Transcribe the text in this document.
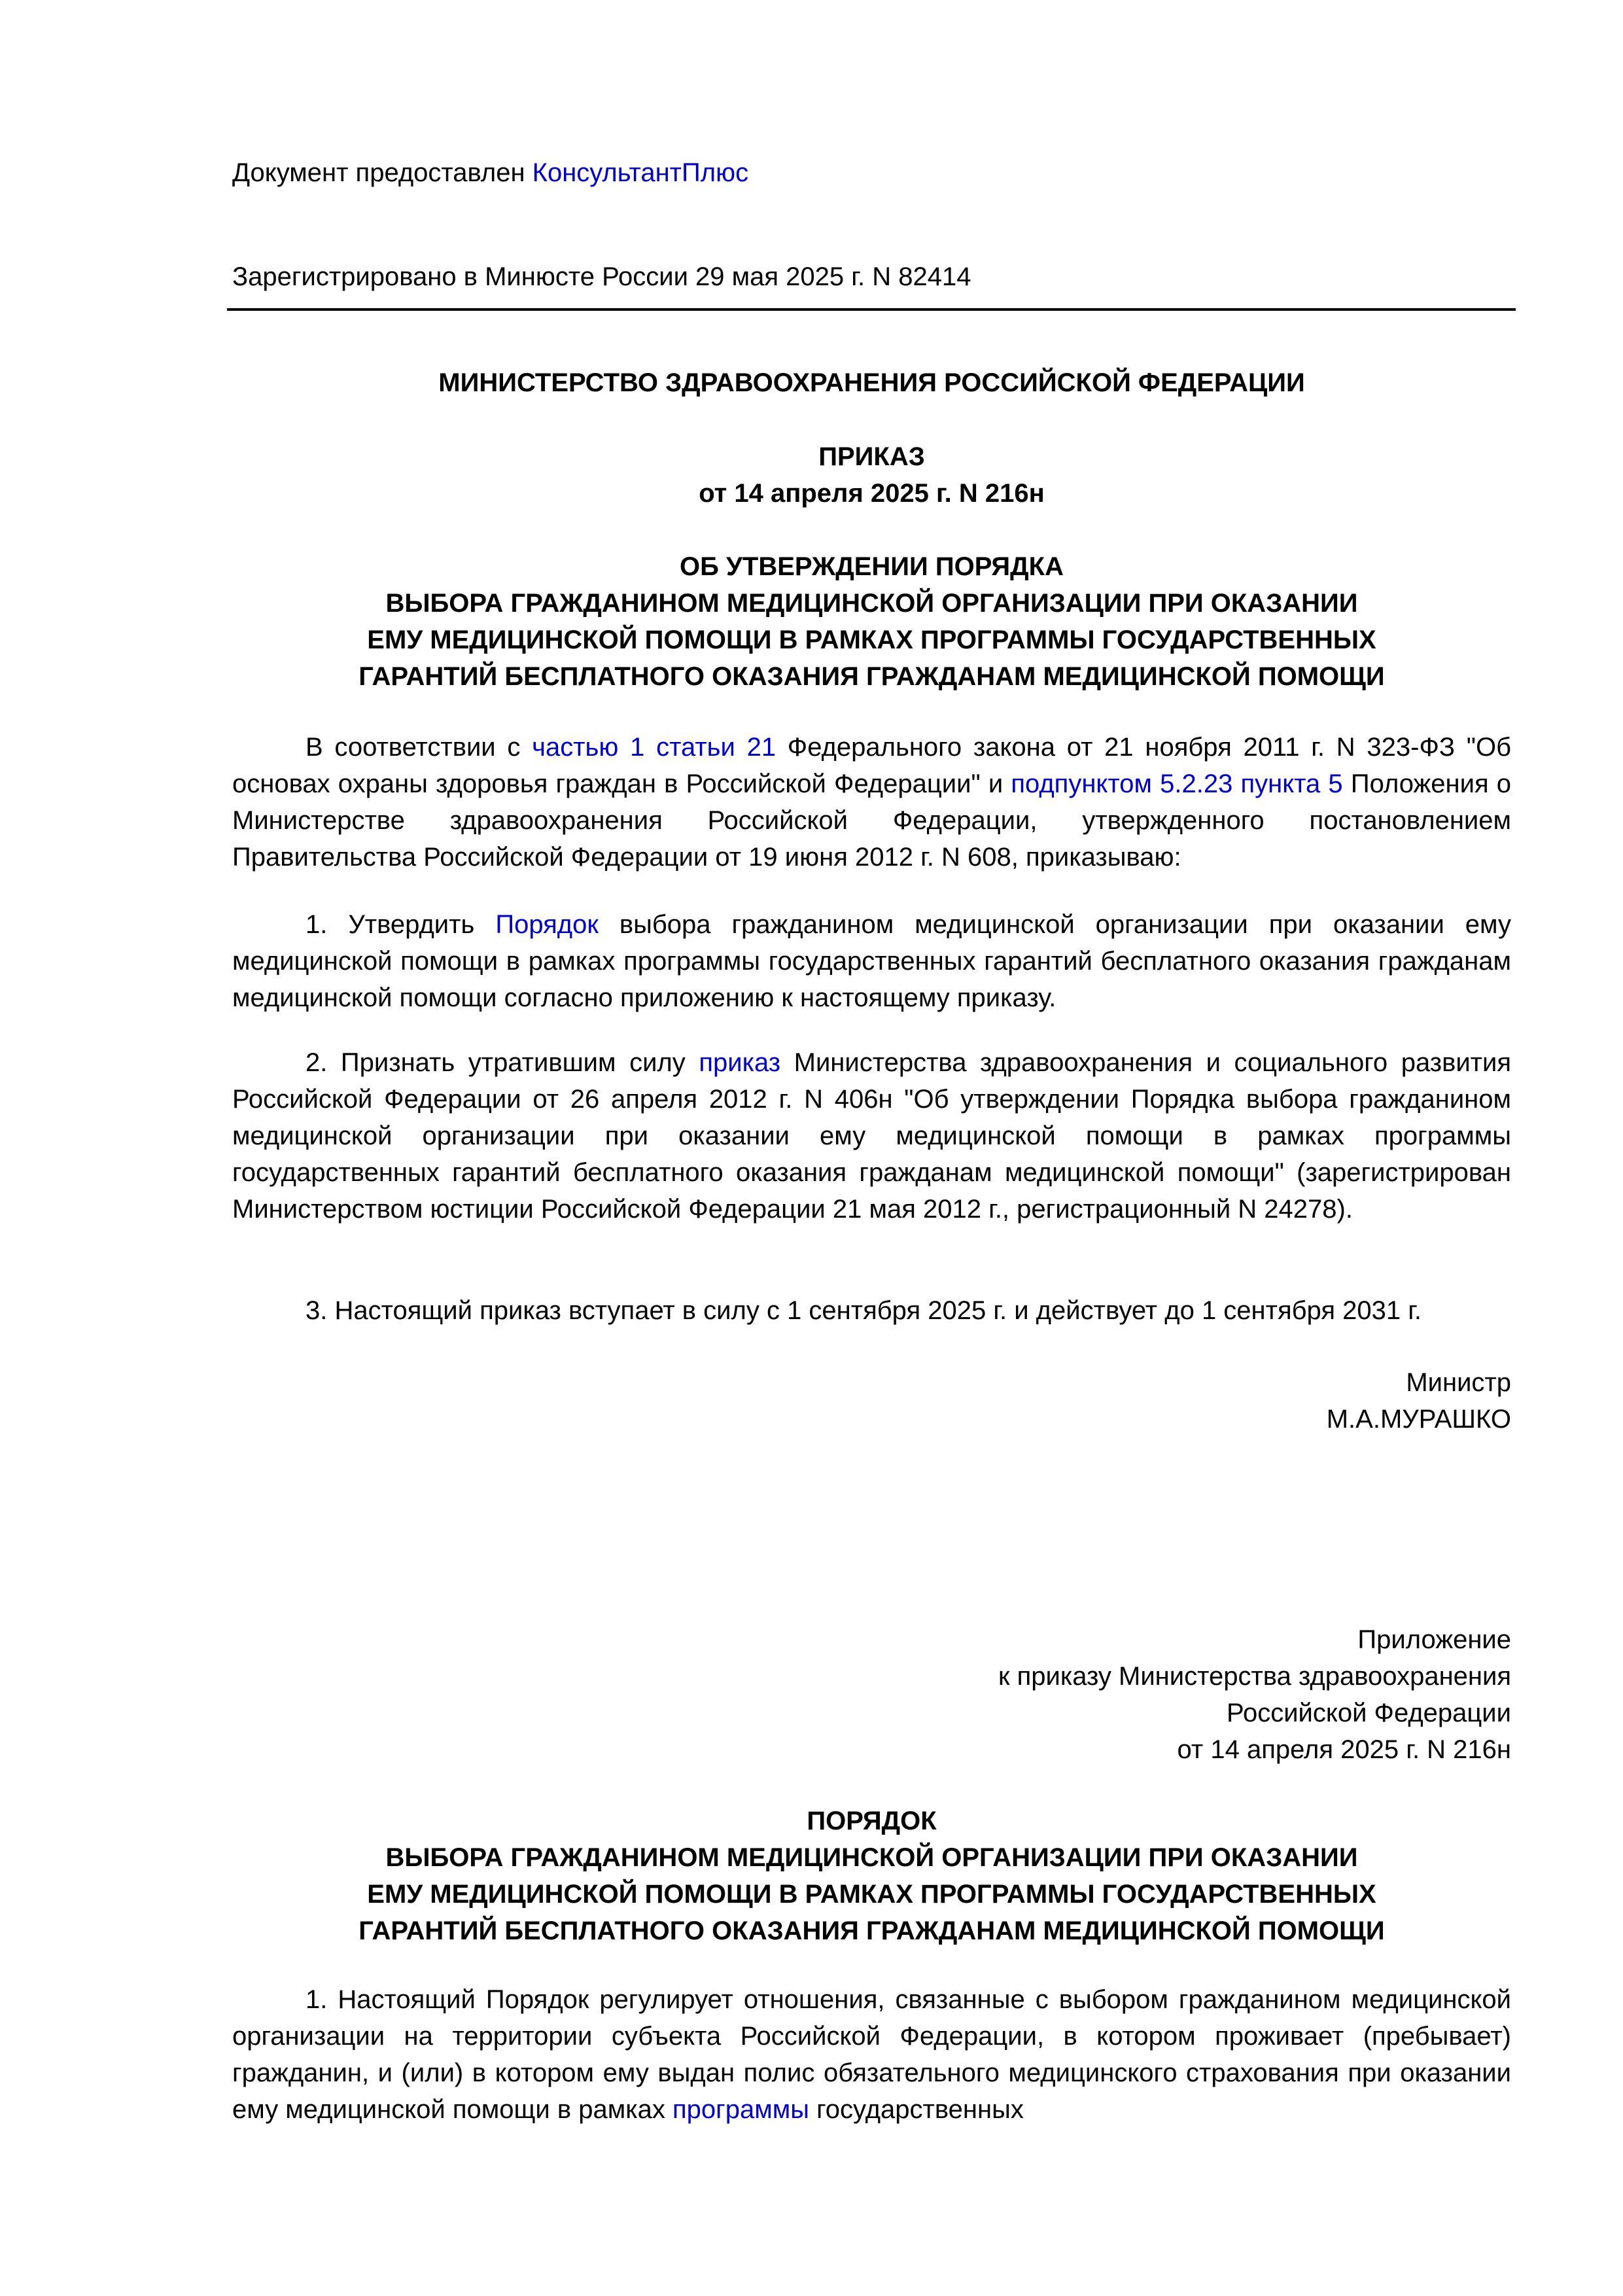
Документ предоставлен КонсультантПлюс
Зарегистрировано в Минюсте России 29 мая 2025 г. N 82414
МИНИСТЕРСТВО ЗДРАВООХРАНЕНИЯ РОССИЙСКОЙ ФЕДЕРАЦИИ
ПРИКАЗ
от 14 апреля 2025 г. N 216н
ОБ УТВЕРЖДЕНИИ ПОРЯДКА
ВЫБОРА ГРАЖДАНИНОМ МЕДИЦИНСКОЙ ОРГАНИЗАЦИИ ПРИ ОКАЗАНИИ
ЕМУ МЕДИЦИНСКОЙ ПОМОЩИ В РАМКАХ ПРОГРАММЫ ГОСУДАРСТВЕННЫХ
ГАРАНТИЙ БЕСПЛАТНОГО ОКАЗАНИЯ ГРАЖДАНАМ МЕДИЦИНСКОЙ ПОМОЩИ
В соответствии с частью 1 статьи 21 Федерального закона от 21 ноября 2011 г. N 323-ФЗ "Об основах охраны здоровья граждан в Российской Федерации" и подпунктом 5.2.23 пункта 5 Положения о Министерстве здравоохранения Российской Федерации, утвержденного постановлением Правительства Российской Федерации от 19 июня 2012 г. N 608, приказываю:
1. Утвердить Порядок выбора гражданином медицинской организации при оказании ему медицинской помощи в рамках программы государственных гарантий бесплатного оказания гражданам медицинской помощи согласно приложению к настоящему приказу.
2. Признать утратившим силу приказ Министерства здравоохранения и социального развития Российской Федерации от 26 апреля 2012 г. N 406н "Об утверждении Порядка выбора гражданином медицинской организации при оказании ему медицинской помощи в рамках программы государственных гарантий бесплатного оказания гражданам медицинской помощи" (зарегистрирован Министерством юстиции Российской Федерации 21 мая 2012 г., регистрационный N 24278).
3. Настоящий приказ вступает в силу с 1 сентября 2025 г. и действует до 1 сентября 2031 г.
Министр
М.А.МУРАШКО
Приложение
к приказу Министерства здравоохранения
Российской Федерации
от 14 апреля 2025 г. N 216н
ПОРЯДОК
ВЫБОРА ГРАЖДАНИНОМ МЕДИЦИНСКОЙ ОРГАНИЗАЦИИ ПРИ ОКАЗАНИИ
ЕМУ МЕДИЦИНСКОЙ ПОМОЩИ В РАМКАХ ПРОГРАММЫ ГОСУДАРСТВЕННЫХ
ГАРАНТИЙ БЕСПЛАТНОГО ОКАЗАНИЯ ГРАЖДАНАМ МЕДИЦИНСКОЙ ПОМОЩИ
1. Настоящий Порядок регулирует отношения, связанные с выбором гражданином медицинской организации на территории субъекта Российской Федерации, в котором проживает (пребывает) гражданин, и (или) в котором ему выдан полис обязательного медицинского страхования при оказании ему медицинской помощи в рамках программы государственных
